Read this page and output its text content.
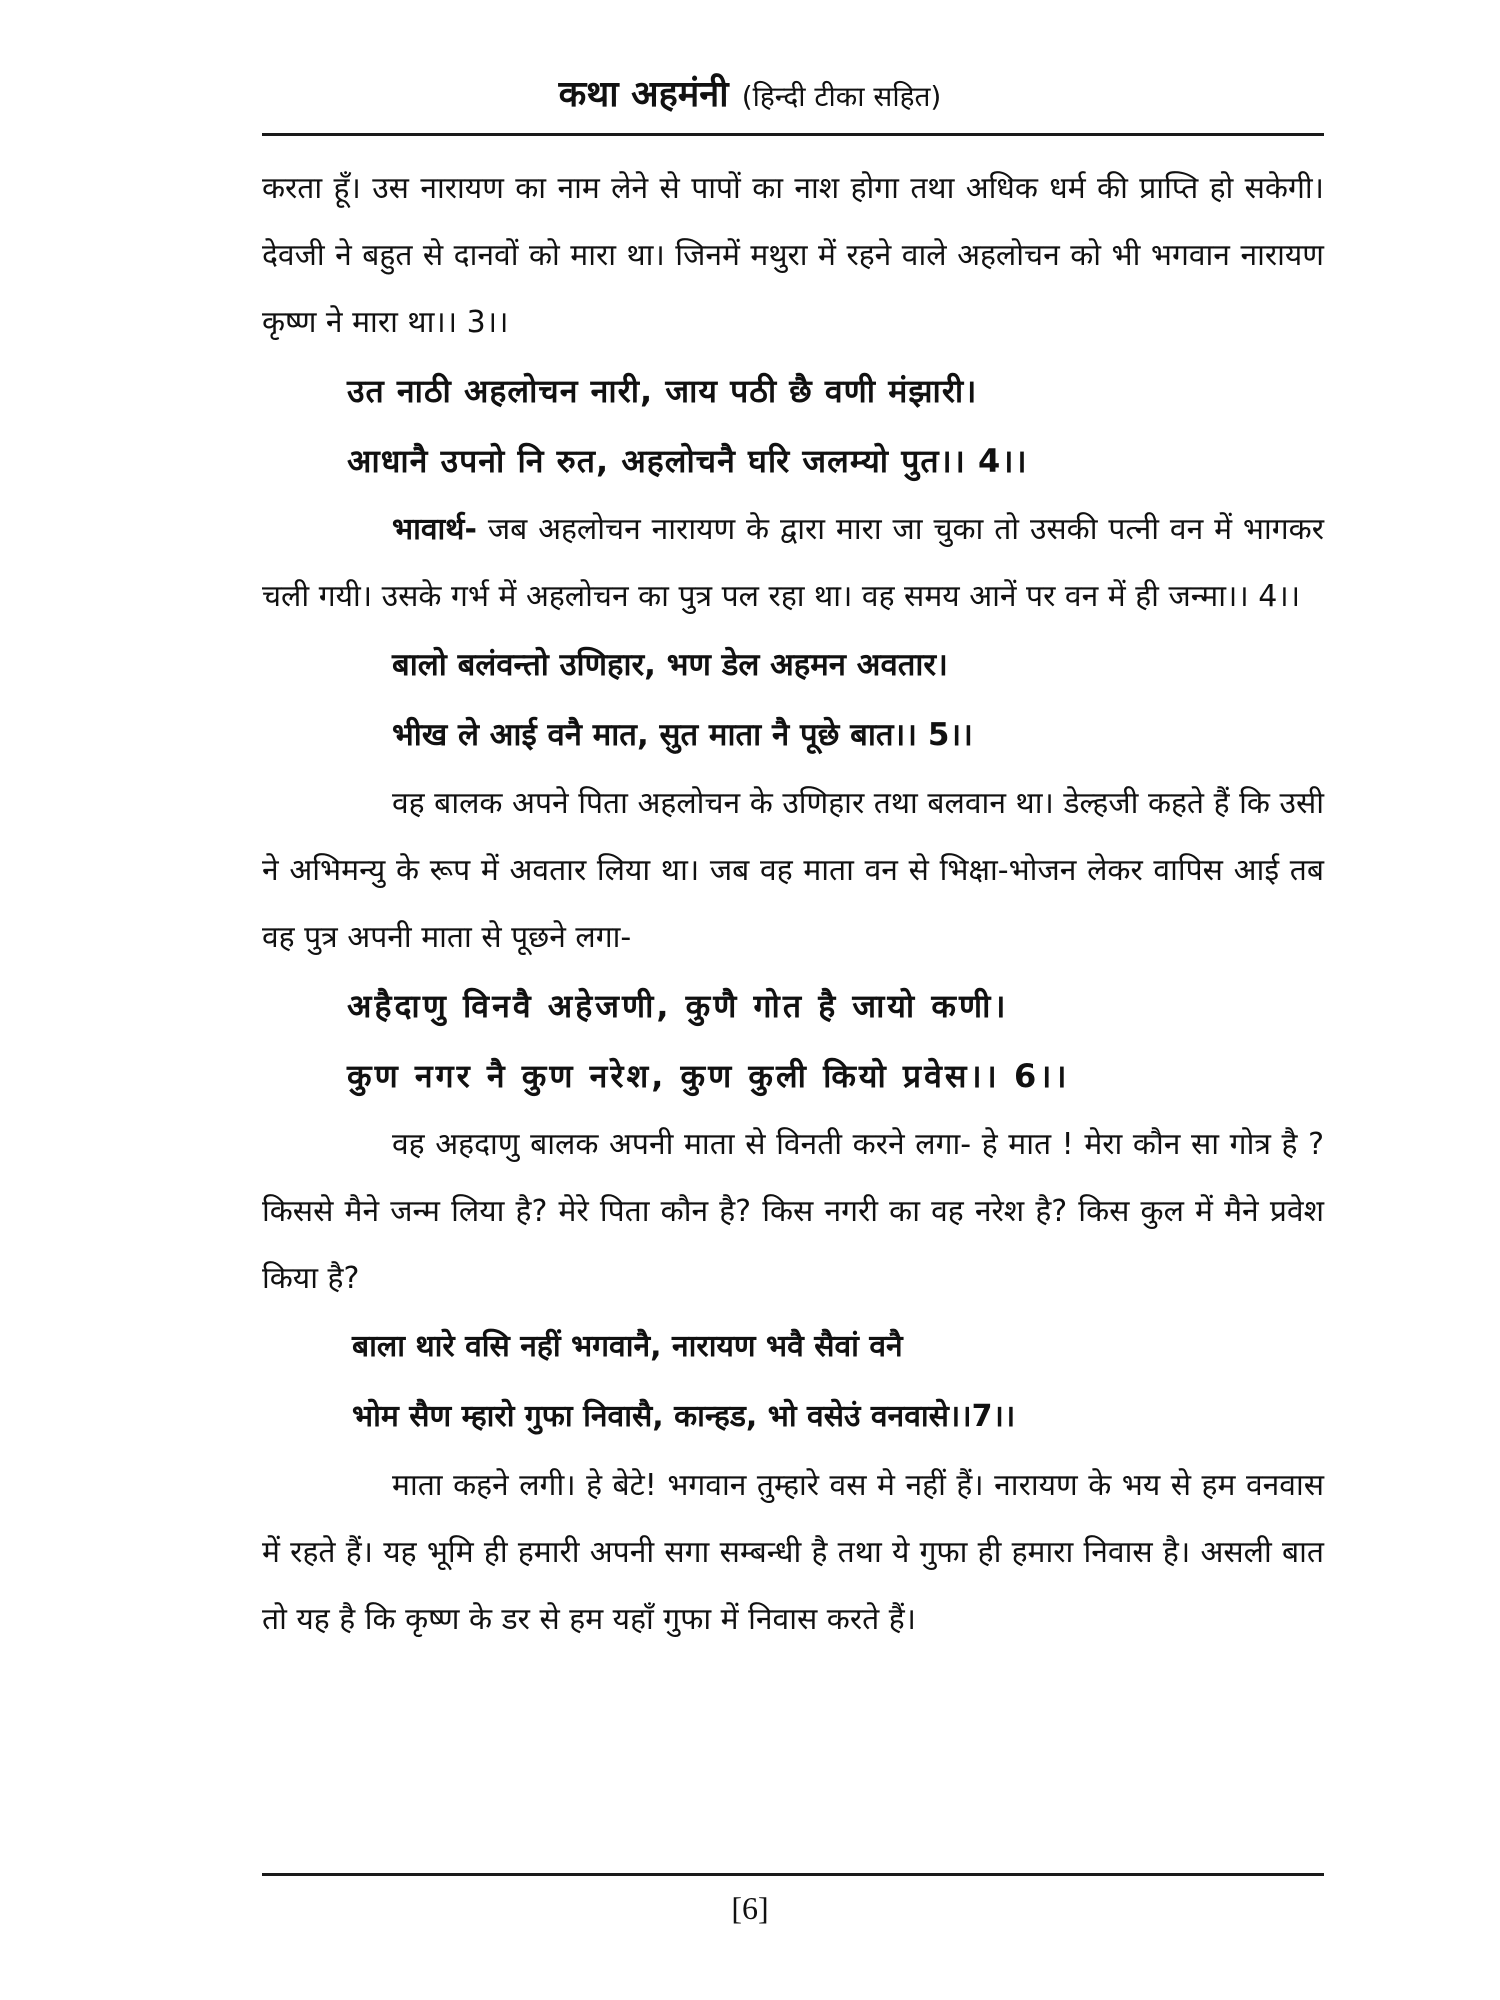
कथा अहमंनी (हिन्दी टीका सहित)

करता हूँ। उस नारायण का नाम लेने से पापों का नाश होगा तथा अधिक धर्म की प्राप्ति हो सकेगी। देवजी ने बहुत से दानवों को मारा था। जिनमें मथुरा में रहने वाले अहलोचन को भी भगवान नारायण कृष्ण ने मारा था।। 3।।

उत नाठी अहलोचन नारी, जाय पठी छै वणी मंझारी।

आधानै उपनो नि रुत, अहलोचनै घरि जलम्यो पुत।। 4।।

भावार्थ- जब अहलोचन नारायण के द्वारा मारा जा चुका तो उसकी पत्नी वन में भागकर चली गयी। उसके गर्भ में अहलोचन का पुत्र पल रहा था। वह समय आनें पर वन में ही जन्मा।। 4।।

बालो बलंवन्तो उणिहार, भण डेल अहमन अवतार।

भीख ले आई वनै मात, सुत माता नै पूछे बात।। 5।।

वह बालक अपने पिता अहलोचन के उणिहार तथा बलवान था। डेल्हजी कहते हैं कि उसी ने अभिमन्यु के रूप में अवतार लिया था। जब वह माता वन से भिक्षा-भोजन लेकर वापिस आई तब वह पुत्र अपनी माता से पूछने लगा-

अहैदाणु विनवै अहेजणी, कुणै गोत है जायो कणी।

कुण नगर नै कुण नरेश, कुण कुली कियो प्रवेस।। 6।।

वह अहदाणु बालक अपनी माता से विनती करने लगा- हे मात ! मेरा कौन सा गोत्र है ? किससे मैने जन्म लिया है? मेरे पिता कौन है? किस नगरी का वह नरेश है? किस कुल में मैने प्रवेश किया है?

बाला थारे वसि नहीं भगवानै, नारायण भवै सैवां वनै

भोम सैण म्हारो गुफा निवासै, कान्हड, भो वसेउं वनवासे।।7।।

माता कहने लगी। हे बेटे! भगवान तुम्हारे वस मे नहीं हैं। नारायण के भय से हम वनवास में रहते हैं। यह भूमि ही हमारी अपनी सगा सम्बन्धी है तथा ये गुफा ही हमारा निवास है। असली बात तो यह है कि कृष्ण के डर से हम यहाँ गुफा में निवास करते हैं।

[6]
